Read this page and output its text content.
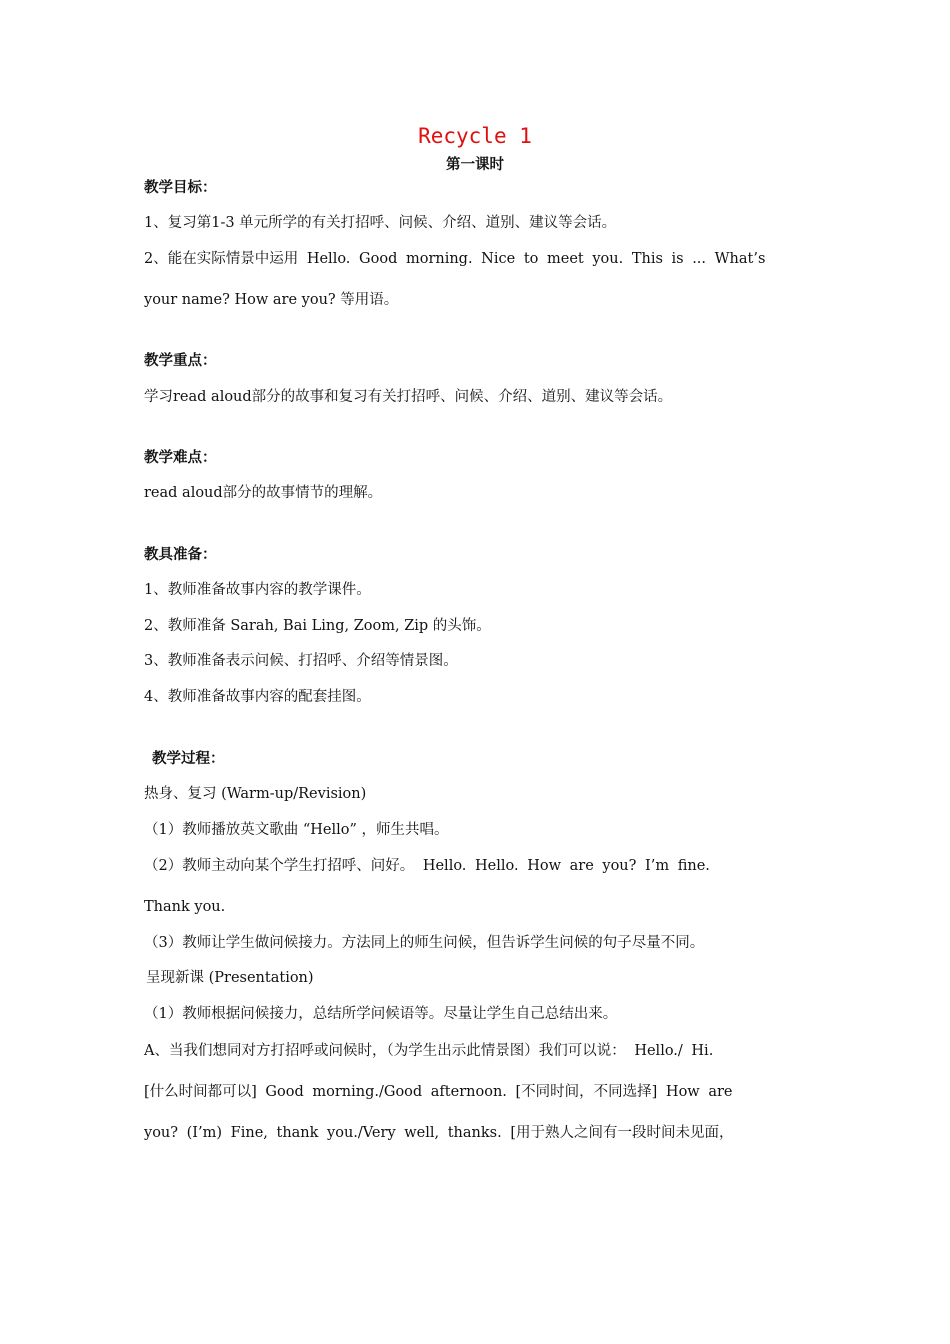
Recycle 1
第一课时
教学目标：
1、复习第1-3 单元所学的有关打招呼、问候、介绍、道别、建议等会话。
2、能在实际情景中运用 Hello. Good morning. Nice to meet you. This is ... What’s
your name? How are you? 等用语。
教学重点：
学习read aloud部分的故事和复习有关打招呼、问候、介绍、道别、建议等会话。
教学难点：
read aloud部分的故事情节的理解。
教具准备：
1、教师准备故事内容的教学课件。
2、教师准备 Sarah, Bai Ling, Zoom, Zip 的头饰。
3、教师准备表示问候、打招呼、介绍等情景图。
4、教师准备故事内容的配套挂图。
教学过程：
热身、复习 (Warm-up/Revision)
（1）教师播放英文歌曲 “Hello” ，师生共唱。
（2）教师主动向某个学生打招呼、问好。 Hello. Hello. How are you? I’m fine.
Thank you.
（3）教师让学生做问候接力。方法同上的师生问候，但告诉学生问候的句子尽量不同。
呈现新课 (Presentation)
（1）教师根据问候接力，总结所学问候语等。尽量让学生自己总结出来。
A、当我们想同对方打招呼或问候时，（为学生出示此情景图）我们可以说： Hello./ Hi.
[什么时间都可以] Good morning./Good afternoon. [不同时间，不同选择] How are
you? (I’m) Fine, thank you./Very well, thanks. [用于熟人之间有一段时间未见面，
